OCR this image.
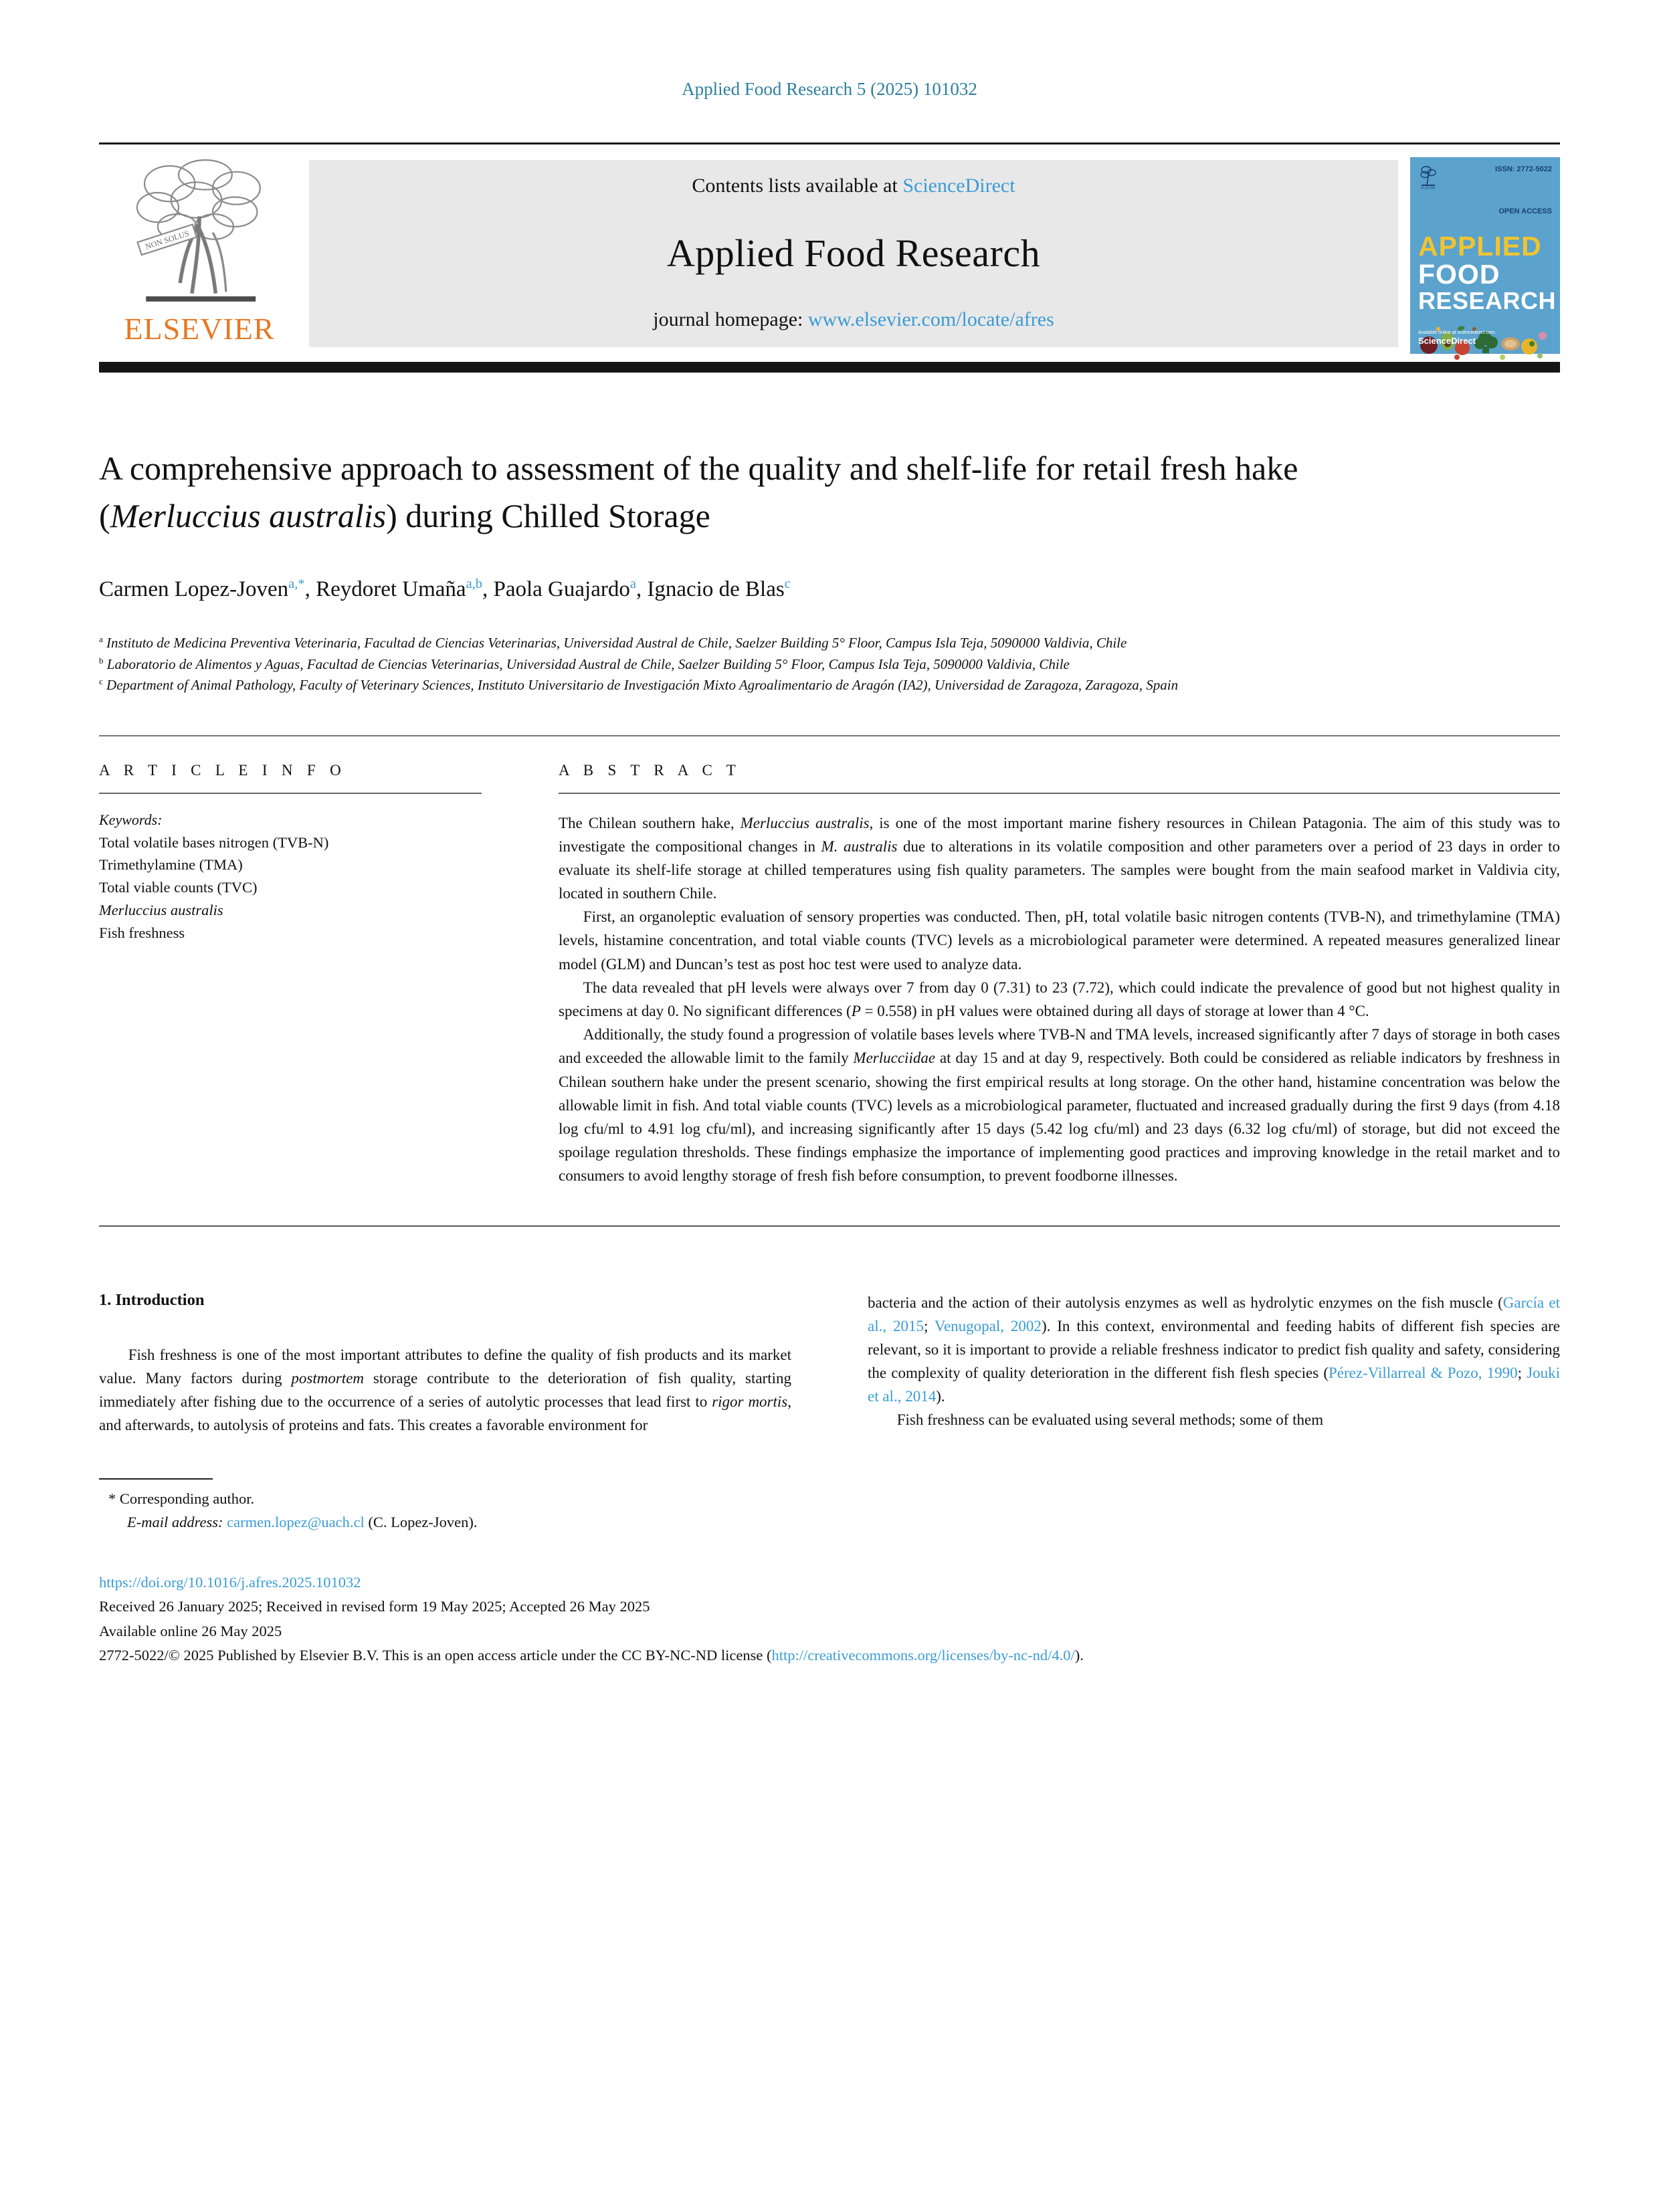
Applied Food Research 5 (2025) 101032
NON SOLUS
ELSEVIER
Contents lists available at ScienceDirect
Applied Food Research
journal homepage: www.elsevier.com/locate/afres
ELSEVIER
ISSN: 2772-5022
OPEN ACCESS
APPLIED
FOOD
RESEARCH
Available online at sciencedirect.com
ScienceDirect
A comprehensive approach to assessment of the quality and shelf-life for retail fresh hake (Merluccius australis) during Chilled Storage
Carmen Lopez-Joven$^{a,*}$, Reydoret Umaña$^{a,b}$, Paola Guajardo$^a$, Ignacio de Blas$^c$

$^a$ Instituto de Medicina Preventiva Veterinaria, Facultad de Ciencias Veterinarias, Universidad Austral de Chile, Saelzer Building 5° Floor, Campus Isla Teja, 5090000 Valdivia, Chile

$^b$ Laboratorio de Alimentos y Aguas, Facultad de Ciencias Veterinarias, Universidad Austral de Chile, Saelzer Building 5° Floor, Campus Isla Teja, 5090000 Valdivia, Chile

$^c$ Department of Animal Pathology, Faculty of Veterinary Sciences, Instituto Universitario de Investigación Mixto Agroalimentario de Aragón (IA2), Universidad de Zaragoza, Zaragoza, Spain

A R T I C L E I N F O
Keywords:
Total volatile bases nitrogen (TVB-N)
Trimethylamine (TMA)
Total viable counts (TVC)
Merluccius australis
Fish freshness
A B S T R A C T

The Chilean southern hake, Merluccius australis, is one of the most important marine fishery resources in Chilean Patagonia. The aim of this study was to investigate the compositional changes in M. australis due to alterations in its volatile composition and other parameters over a period of 23 days in order to evaluate its shelf-life storage at chilled temperatures using fish quality parameters. The samples were bought from the main seafood market in Valdivia city, located in southern Chile.

First, an organoleptic evaluation of sensory properties was conducted. Then, pH, total volatile basic nitrogen contents (TVB-N), and trimethylamine (TMA) levels, histamine concentration, and total viable counts (TVC) levels as a microbiological parameter were determined. A repeated measures generalized linear model (GLM) and Duncan’s test as post hoc test were used to analyze data.

The data revealed that pH levels were always over 7 from day 0 (7.31) to 23 (7.72), which could indicate the prevalence of good but not highest quality in specimens at day 0. No significant differences (P = 0.558) in pH values were obtained during all days of storage at lower than 4 °C.

Additionally, the study found a progression of volatile bases levels where TVB-N and TMA levels, increased significantly after 7 days of storage in both cases and exceeded the allowable limit to the family Merlucciidae at day 15 and at day 9, respectively. Both could be considered as reliable indicators by freshness in Chilean southern hake under the present scenario, showing the first empirical results at long storage. On the other hand, histamine concentration was below the allowable limit in fish. And total viable counts (TVC) levels as a microbiological parameter, fluctuated and increased gradually during the first 9 days (from 4.18 log cfu/ml to 4.91 log cfu/ml), and increasing significantly after 15 days (5.42 log cfu/ml) and 23 days (6.32 log cfu/ml) of storage, but did not exceed the spoilage regulation thresholds. These findings emphasize the importance of implementing good practices and improving knowledge in the retail market and to consumers to avoid lengthy storage of fresh fish before consumption, to prevent foodborne illnesses.

1. Introduction

Fish freshness is one of the most important attributes to define the quality of fish products and its market value. Many factors during postmortem storage contribute to the deterioration of fish quality, starting immediately after fishing due to the occurrence of a series of autolytic processes that lead first to rigor mortis, and afterwards, to autolysis of proteins and fats. This creates a favorable environment for

bacteria and the action of their autolysis enzymes as well as hydrolytic enzymes on the fish muscle (García et al., 2015; Venugopal, 2002). In this context, environmental and feeding habits of different fish species are relevant, so it is important to provide a reliable freshness indicator to predict fish quality and safety, considering the complexity of quality deterioration in the different fish flesh species (Pérez-Villarreal & Pozo, 1990; Jouki et al., 2014).

Fish freshness can be evaluated using several methods; some of them

* Corresponding author.

E-mail address: carmen.lopez@uach.cl (C. Lopez-Joven).

https://doi.org/10.1016/j.afres.2025.101032

Received 26 January 2025; Received in revised form 19 May 2025; Accepted 26 May 2025

Available online 26 May 2025

2772-5022/© 2025 Published by Elsevier B.V. This is an open access article under the CC BY-NC-ND license (http://creativecommons.org/licenses/by-nc-nd/4.0/).
